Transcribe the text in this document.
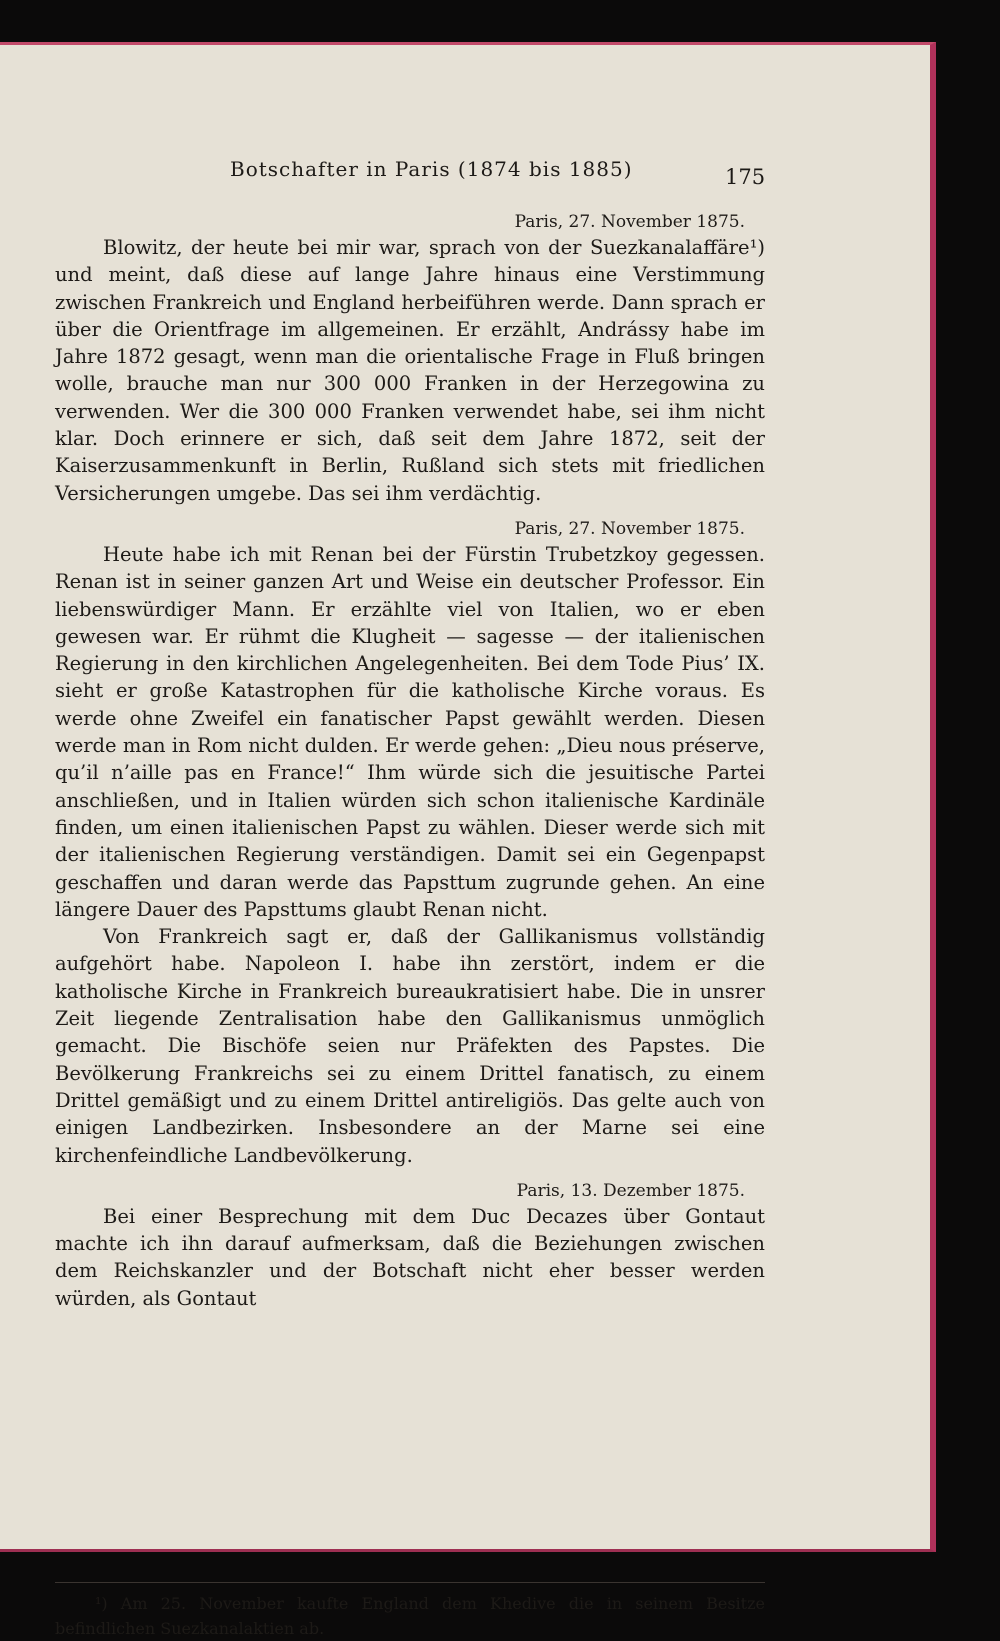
Botschafter in Paris (1874 bis 1885)	175
Paris, 27. November 1875.

Blowitz, der heute bei mir war, sprach von der Suezkanalaffäre¹) und meint, daß diese auf lange Jahre hinaus eine Verstimmung zwischen Frankreich und England herbeiführen werde. Dann sprach er über die Orientfrage im allgemeinen. Er erzählt, Andrássy habe im Jahre 1872 gesagt, wenn man die orientalische Frage in Fluß bringen wolle, brauche man nur 300 000 Franken in der Herzegowina zu verwenden. Wer die 300 000 Franken verwendet habe, sei ihm nicht klar. Doch erinnere er sich, daß seit dem Jahre 1872, seit der Kaiserzusammenkunft in Berlin, Rußland sich stets mit friedlichen Versicherungen umgebe. Das sei ihm verdächtig.

Paris, 27. November 1875.

Heute habe ich mit Renan bei der Fürstin Trubetzkoy gegessen. Renan ist in seiner ganzen Art und Weise ein deutscher Professor. Ein liebenswürdiger Mann. Er erzählte viel von Italien, wo er eben gewesen war. Er rühmt die Klugheit — sagesse — der italienischen Regierung in den kirchlichen Angelegenheiten. Bei dem Tode Pius’ IX. sieht er große Katastrophen für die katholische Kirche voraus. Es werde ohne Zweifel ein fanatischer Papst gewählt werden. Diesen werde man in Rom nicht dulden. Er werde gehen: „Dieu nous préserve, qu’il n’aille pas en France!“ Ihm würde sich die jesuitische Partei anschließen, und in Italien würden sich schon italienische Kardinäle finden, um einen italienischen Papst zu wählen. Dieser werde sich mit der italienischen Regierung verständigen. Damit sei ein Gegenpapst geschaffen und daran werde das Papsttum zugrunde gehen. An eine längere Dauer des Papsttums glaubt Renan nicht.

Von Frankreich sagt er, daß der Gallikanismus vollständig aufgehört habe. Napoleon I. habe ihn zerstört, indem er die katholische Kirche in Frankreich bureaukratisiert habe. Die in unsrer Zeit liegende Zentralisation habe den Gallikanismus unmöglich gemacht. Die Bischöfe seien nur Präfekten des Papstes. Die Bevölkerung Frankreichs sei zu einem Drittel fanatisch, zu einem Drittel gemäßigt und zu einem Drittel antireligiös. Das gelte auch von einigen Landbezirken. Insbesondere an der Marne sei eine kirchenfeindliche Landbevölkerung.

Paris, 13. Dezember 1875.

Bei einer Besprechung mit dem Duc Decazes über Gontaut machte ich ihn darauf aufmerksam, daß die Beziehungen zwischen dem Reichskanzler und der Botschaft nicht eher besser werden würden, als Gontaut

¹) Am 25. November kaufte England dem Khedive die in seinem Besitze befindlichen Suezkanalaktien ab.
